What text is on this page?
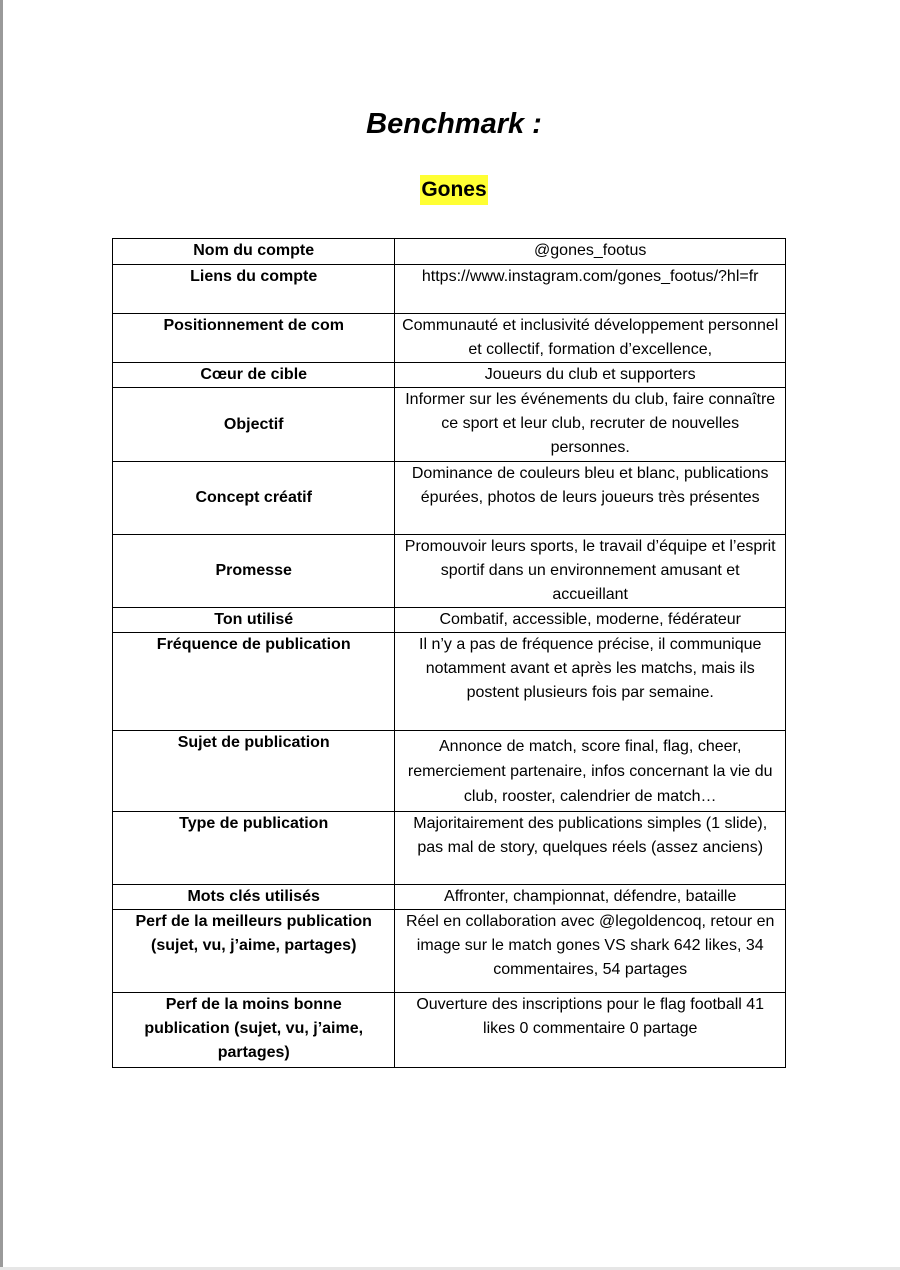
Benchmark :
Gones
Nom du compte	@gones_footus
Liens du compte	https://www.instagram.com/gones_footus/?hl=fr
Positionnement de com	Communauté et inclusivité développement personnel et collectif, formation d’excellence,
Cœur de cible	Joueurs du club et supporters
Objectif	Informer sur les événements du club, faire connaître ce sport et leur club, recruter de nouvelles personnes.
Concept créatif	Dominance de couleurs bleu et blanc, publications épurées, photos de leurs joueurs très présentes
Promesse	Promouvoir leurs sports, le travail d’équipe et l’esprit sportif dans un environnement amusant et accueillant
Ton utilisé	Combatif, accessible, moderne, fédérateur
Fréquence de publication	Il n’y a pas de fréquence précise, il communique notamment avant et après les matchs, mais ils postent plusieurs fois par semaine.
Sujet de publication	Annonce de match, score final, flag, cheer, remerciement partenaire, infos concernant la vie du club, rooster, calendrier de match…
Type de publication	Majoritairement des publications simples (1 slide), pas mal de story, quelques réels (assez anciens)
Mots clés utilisés	Affronter, championnat, défendre, bataille
Perf de la meilleurs publication (sujet, vu, j’aime, partages)	Réel en collaboration avec @legoldencoq, retour en image sur le match gones VS shark 642 likes, 34 commentaires, 54 partages
Perf de la moins bonne publication (sujet, vu, j’aime, partages)	Ouverture des inscriptions pour le flag football 41 likes 0 commentaire 0 partage
